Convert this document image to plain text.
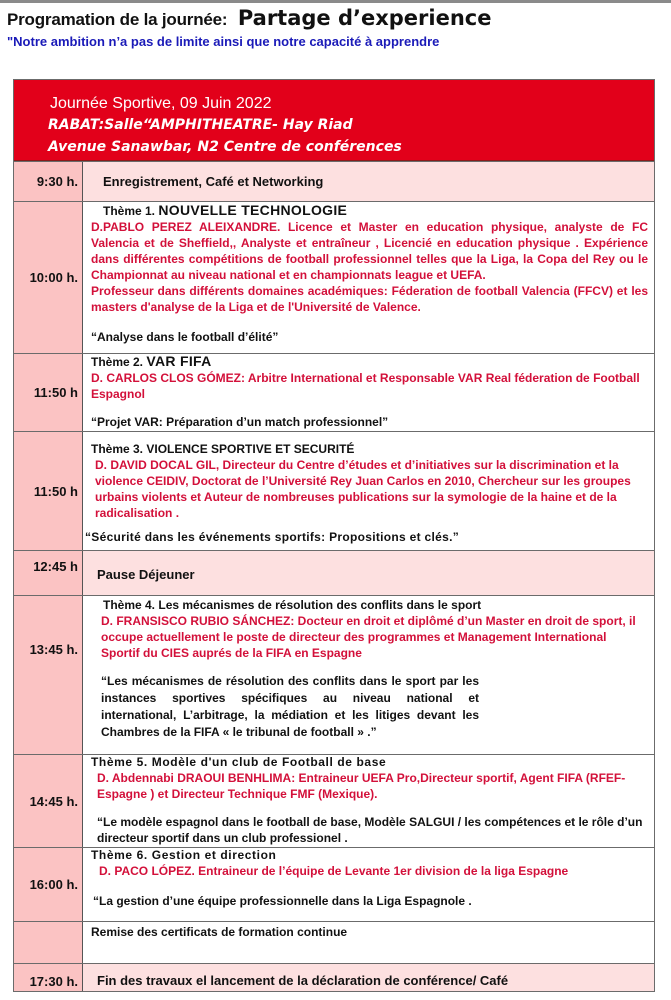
Programation de la journée: Partage d’experience
"Notre ambition n’a pas de limite ainsi que notre capacité à apprendre
Journée Sportive, 09 Juin 2022
RABAT:Salle“AMPHITHEATRE- Hay Riad
Avenue Sanawbar, N2 Centre de conférences
9:30 h.	Enregistrement, Café et Networking
10:00 h.
Thème 1. NOUVELLE TECHNOLOGIE
D.PABLO PEREZ ALEIXANDRE. Licence et Master en education physique, analyste de FC Valencia et de Sheffield,, Analyste et entraîneur , Licencié en education physique . Expérience dans différentes compétitions de football professionnel telles que la Liga, la Copa del Rey ou le Championnat au niveau national et en championnats league et UEFA.
Professeur dans différents domaines académiques: Féderation de football Valencia (FFCV) et les masters d'analyse de la Liga et de l'Université de Valence.
“Analyse dans le football d’élité”
11:50 h
Thème 2. VAR FIFA
D. CARLOS CLOS GÓMEZ: Arbitre International et Responsable VAR Real féderation de Football Espagnol
“Projet VAR: Préparation d’un match professionnel”
11:50 h
Thème 3. VIOLENCE SPORTIVE ET SECURITÉ
D. DAVID DOCAL GIL, Directeur du Centre d’études et d’initiatives sur la discrimination et la violence CEIDIV, Doctorat de l’Université Rey Juan Carlos en 2010, Chercheur sur les groupes urbains violents et Auteur de nombreuses publications sur la symologie de la haine et de la radicalisation .
“Sécurité dans les événements sportifs: Propositions et clés.”
12:45 h
Pause Déjeuner
13:45 h.
Thème 4. Les mécanismes de résolution des conflits dans le sport
D. FRANSISCO RUBIO SÁNCHEZ: Docteur en droit et diplômé d’un Master en droit de sport, il occupe actuellement le poste de directeur des programmes et Management International Sportif du CIES auprés de la FIFA en Espagne
“Les mécanismes de résolution des conflits dans le sport par les instances sportives spécifiques au niveau national et international, L’arbitrage, la médiation et les litiges devant les Chambres de la FIFA « le tribunal de football » .”
14:45 h.
Thème 5. Modèle d'un club de Football de base
D. Abdennabi DRAOUI BENHLIMA: Entraineur UEFA Pro,Directeur sportif, Agent FIFA (RFEF- Espagne ) et Directeur Technique FMF (Mexique).
“Le modèle espagnol dans le football de base, Modèle SALGUI / les compétences et le rôle d’un directeur sportif dans un club professionel .
16:00 h.
Thème 6. Gestion et direction
D. PACO LÓPEZ. Entraineur de l’équipe de Levante 1er division de la liga Espagne
“La gestion d’une équipe professionnelle dans la Liga Espagnole .
Remise des certificats de formation continue
17:30 h.	Fin des travaux el lancement de la déclaration de conférence/ Café
